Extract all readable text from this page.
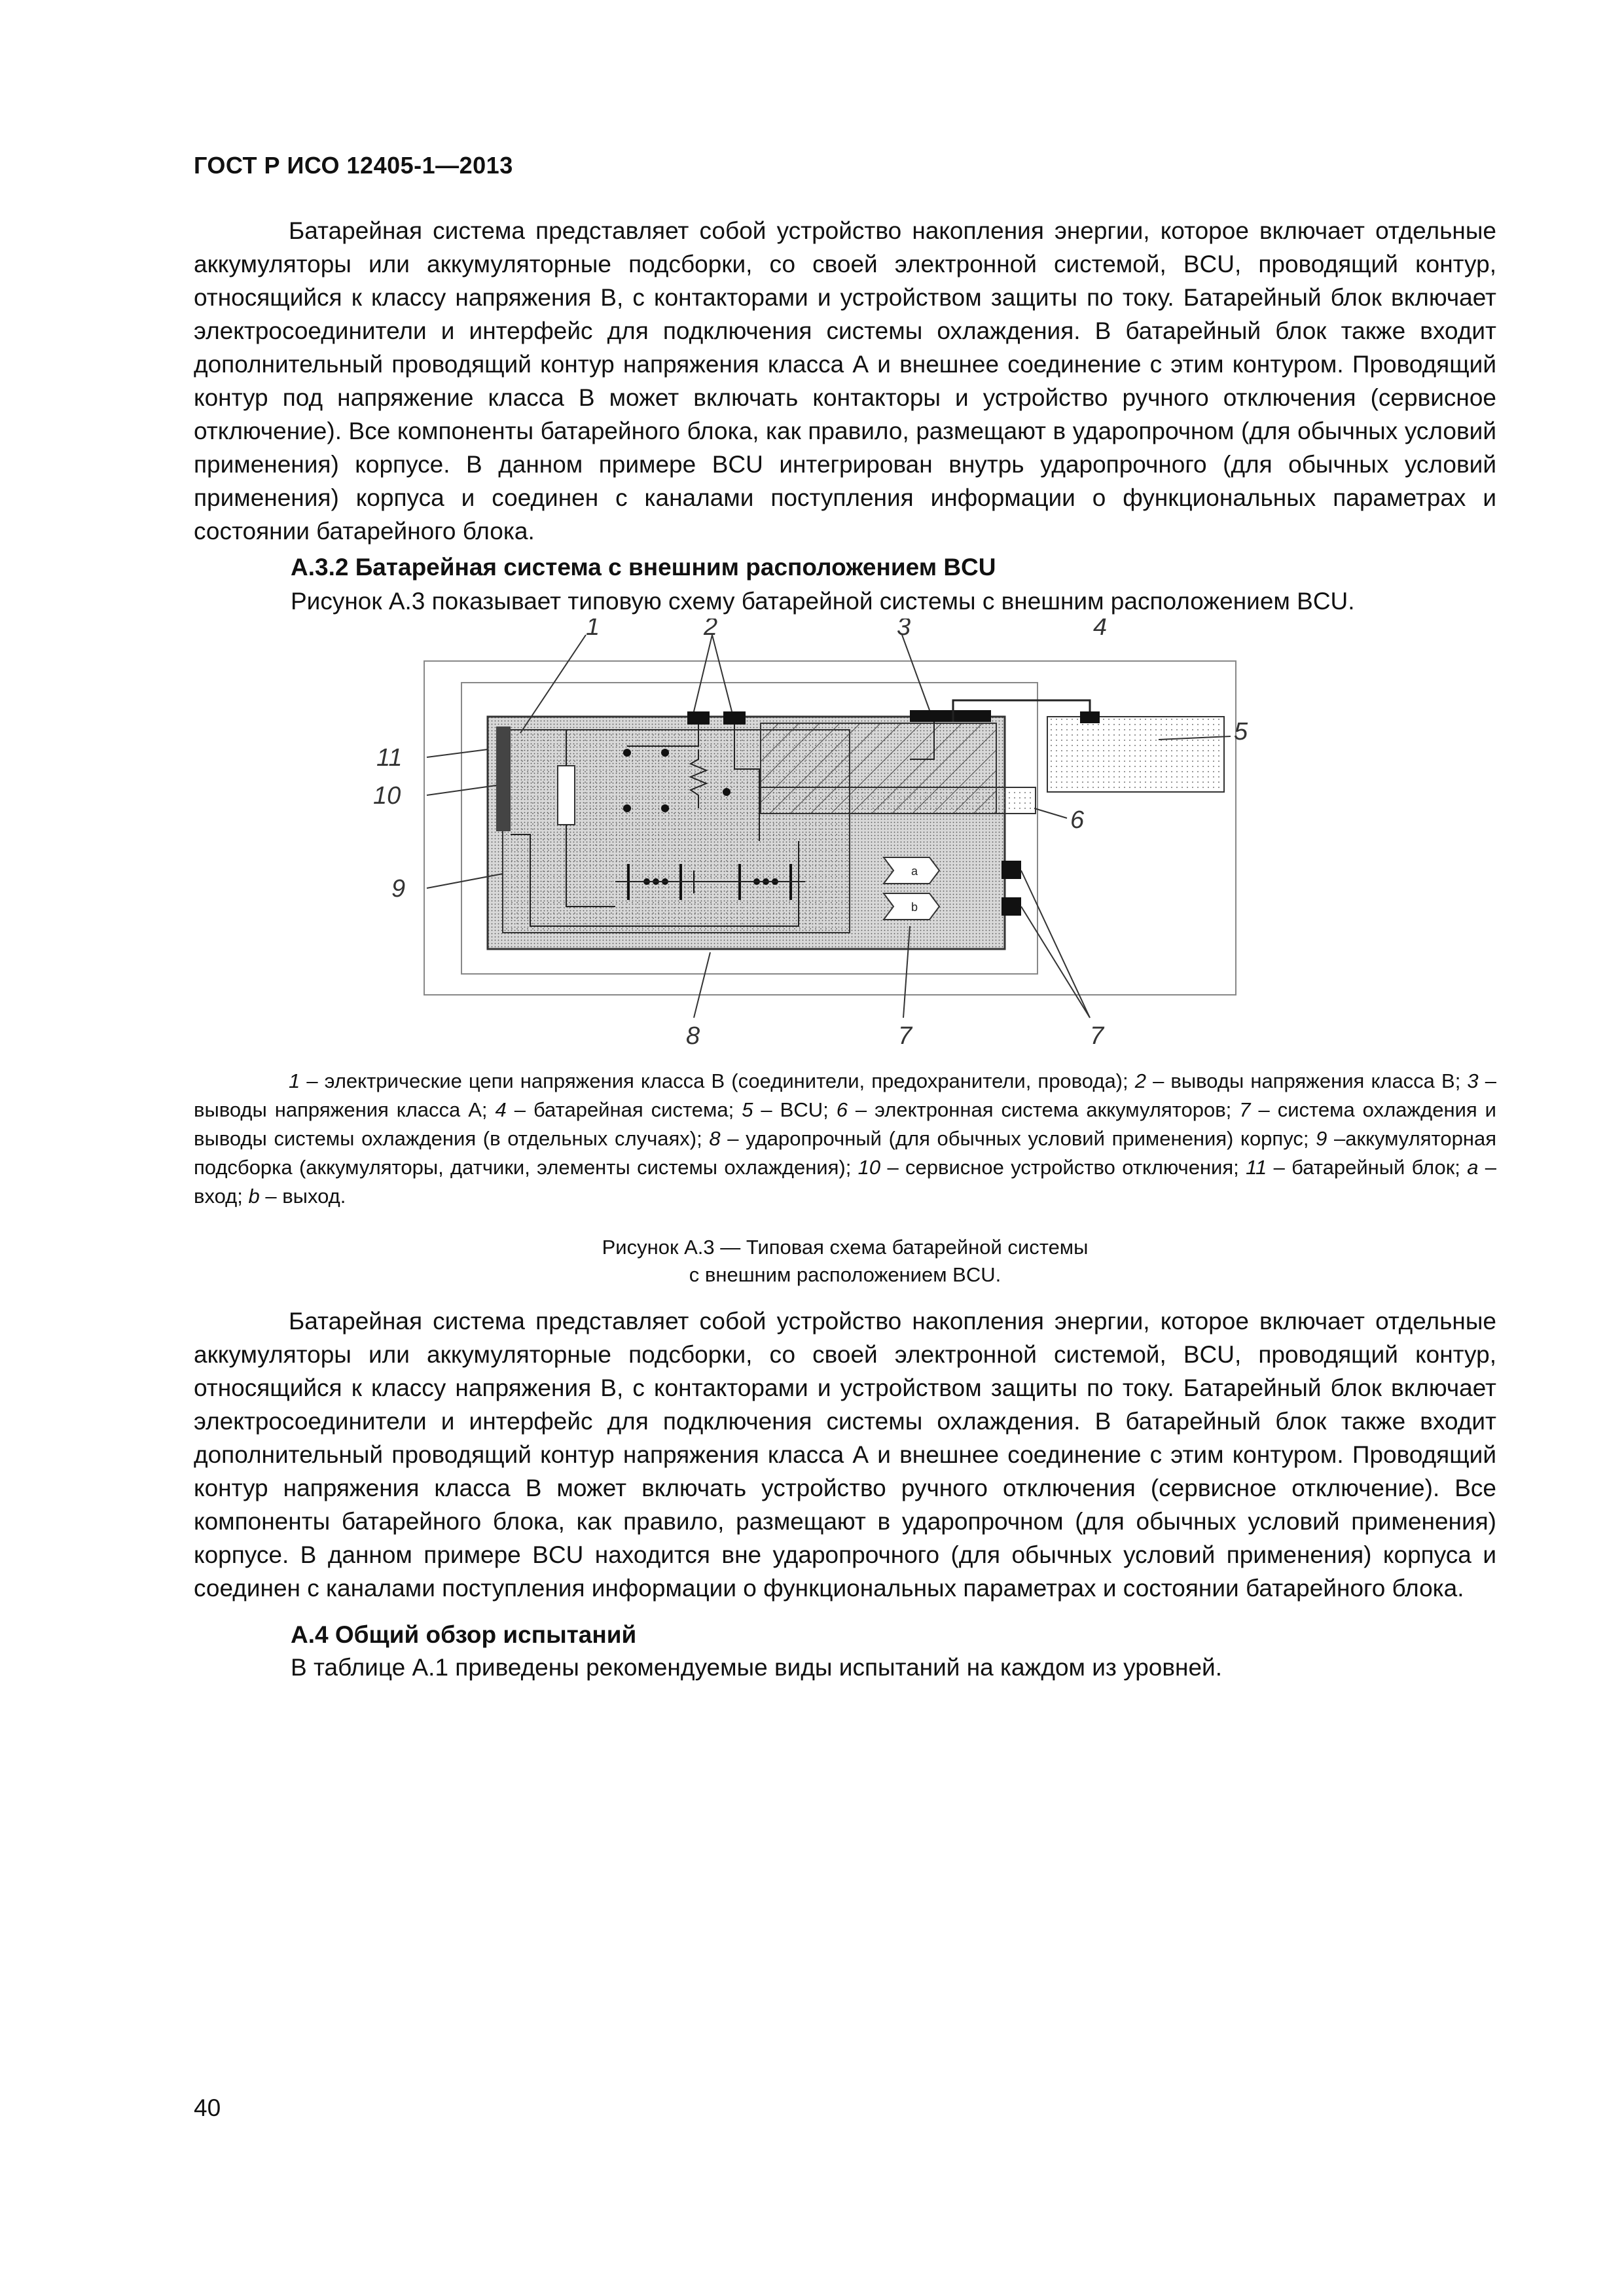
ГОСТ Р ИСО 12405-1—2013

Батарейная система представляет собой устройство накопления энергии, которое включает отдельные аккумуляторы или аккумуляторные подсборки, со своей электронной системой, BCU, проводящий контур, относящийся к классу напряжения B, с контакторами и устройством защиты по току. Батарейный блок включает электросоединители и интерфейс для подключения системы охлаждения. В батарейный блок также входит дополнительный проводящий контур напряжения класса А и внешнее соединение с этим контуром. Проводящий контур под напряжение класса B может включать контакторы и устройство ручного отключения (сервисное отключение). Все компоненты батарейного блока, как правило, размещают в ударопрочном (для обычных условий применения) корпусе. В данном примере BCU интегрирован внутрь ударопрочного (для обычных условий применения) корпуса и соединен с каналами поступления информации о функциональных параметрах и состоянии батарейного блока.

А.3.2 Батарейная система с внешним расположением BCU
Рисунок А.3 показывает типовую схему батарейной системы с внешним расположением BCU.
a
b
1	2	3	4
5
6
7	7
8
9
10
11

1 – электрические цепи напряжения класса B (соединители, предохранители, провода); 2 – выводы напряжения класса B; 3 – выводы напряжения класса А; 4 – батарейная система; 5 – BCU; 6 – электронная система аккумуляторов; 7 – система охлаждения и выводы системы охлаждения (в отдельных случаях); 8 – ударопрочный (для обычных условий применения) корпус; 9 –аккумуляторная подсборка (аккумуляторы, датчики, элементы системы охлаждения); 10 – сервисное устройство отключения; 11 – батарейный блок; a – вход; b – выход.

Рисунок А.3 — Типовая схема батарейной системы
с внешним расположением BCU.

Батарейная система представляет собой устройство накопления энергии, которое включает отдельные аккумуляторы или аккумуляторные подсборки, со своей электронной системой, BCU, проводящий контур, относящийся к классу напряжения B, с контакторами и устройством защиты по току. Батарейный блок включает электросоединители и интерфейс для подключения системы охлаждения. В батарейный блок также входит дополнительный проводящий контур напряжения класса А и внешнее соединение с этим контуром. Проводящий контур напряжения класса B может включать устройство ручного отключения (сервисное отключение). Все компоненты батарейного блока, как правило, размещают в ударопрочном (для обычных условий применения) корпусе. В данном примере BCU находится вне ударопрочного (для обычных условий применения) корпуса и соединен с каналами поступления информации о функциональных параметрах и состоянии батарейного блока.

А.4 Общий обзор испытаний
В таблице А.1 приведены рекомендуемые виды испытаний на каждом из уровней.
40
